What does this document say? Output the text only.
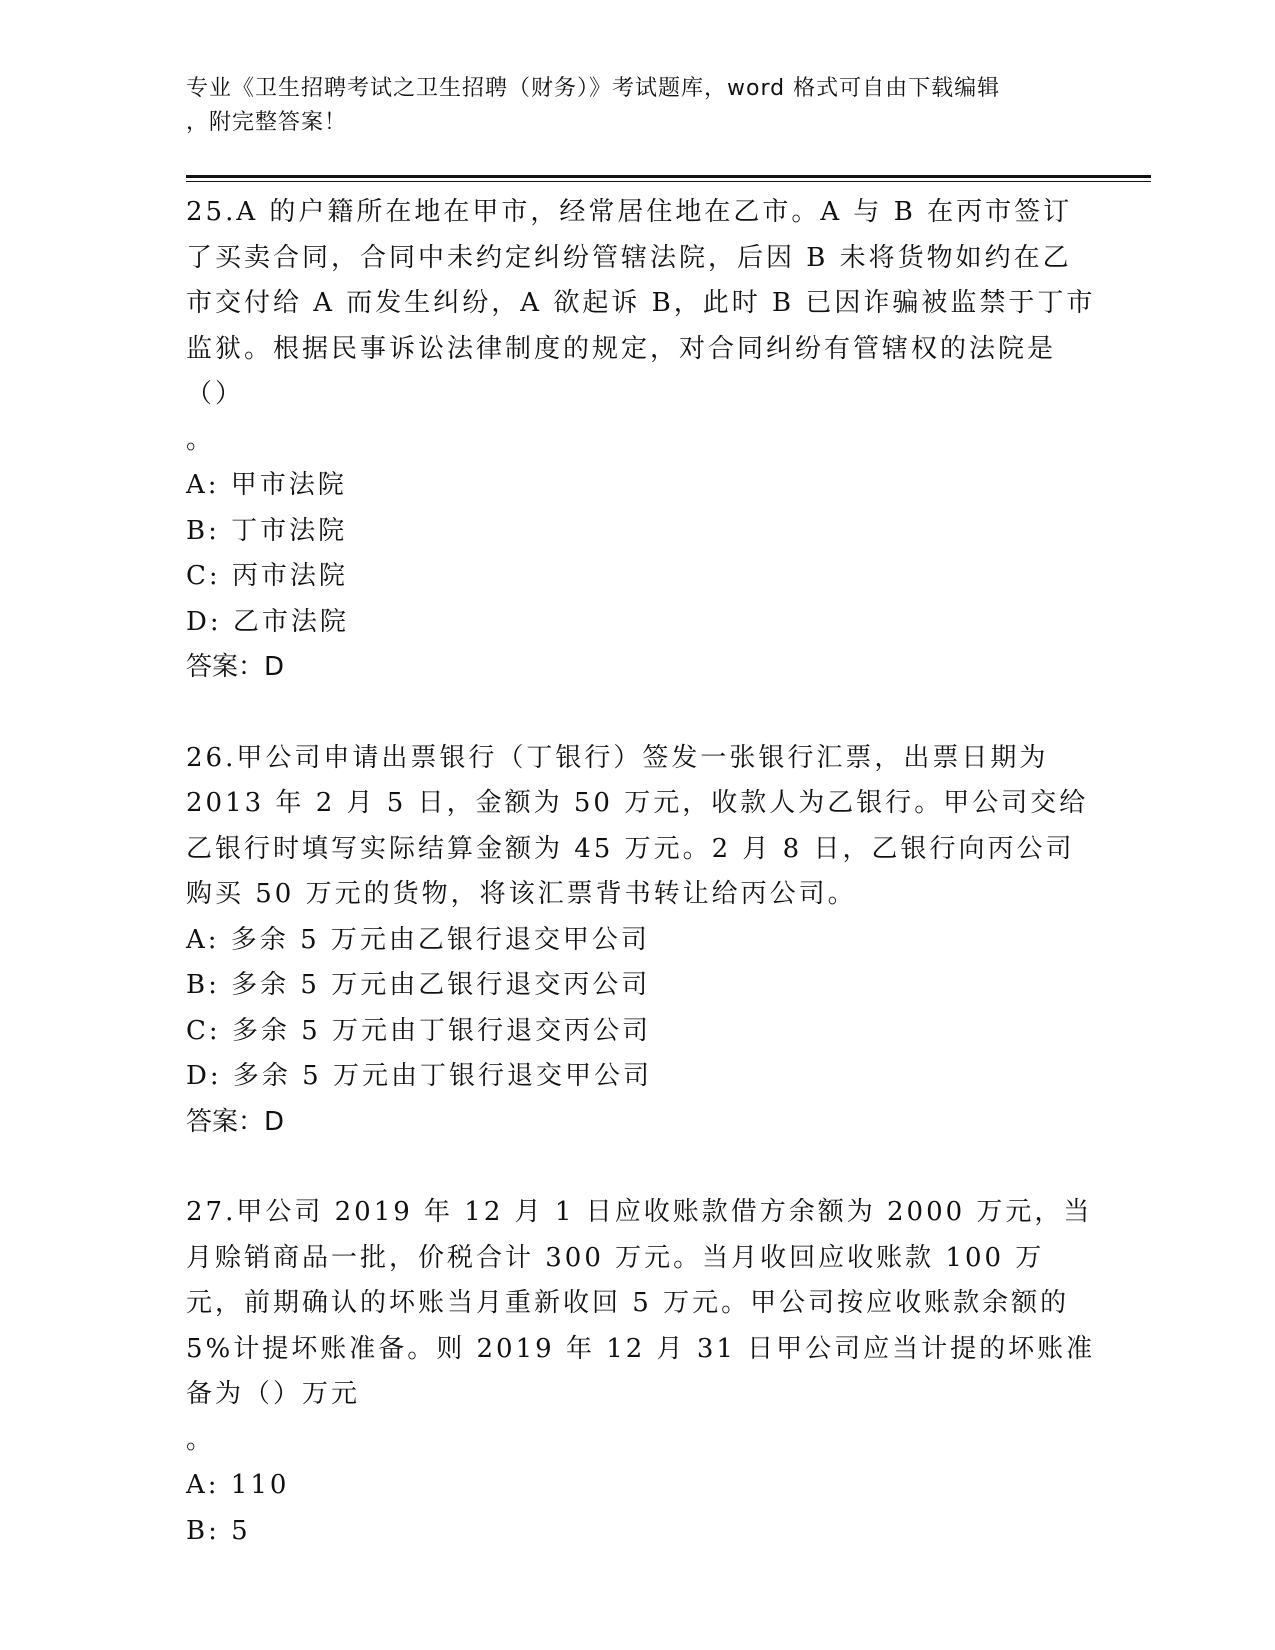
专业《卫生招聘考试之卫生招聘（财务）》考试题库，word 格式可自由下载编辑
，附完整答案！

25.A 的户籍所在地在甲市，经常居住地在乙市。A 与 B 在丙市签订了买卖合同，合同中未约定纠纷管辖法院，后因 B 未将货物如约在乙市交付给 A 而发生纠纷，A 欲起诉 B，此时 B 已因诈骗被监禁于丁市监狱。根据民事诉讼法律制度的规定，对合同纠纷有管辖权的法院是（）

。

A: 甲市法院

B: 丁市法院

C: 丙市法院

D: 乙市法院

答案：D

26.甲公司申请出票银行（丁银行）签发一张银行汇票，出票日期为 2013 年 2 月 5 日，金额为 50 万元，收款人为乙银行。甲公司交给乙银行时填写实际结算金额为 45 万元。2 月 8 日，乙银行向丙公司购买 50 万元的货物，将该汇票背书转让给丙公司。

A: 多余 5 万元由乙银行退交甲公司

B: 多余 5 万元由乙银行退交丙公司

C: 多余 5 万元由丁银行退交丙公司

D: 多余 5 万元由丁银行退交甲公司

答案：D

27.甲公司 2019 年 12 月 1 日应收账款借方余额为 2000 万元，当月赊销商品一批，价税合计 300 万元。当月收回应收账款 100 万元，前期确认的坏账当月重新收回 5 万元。甲公司按应收账款余额的 5%计提坏账准备。则 2019 年 12 月 31 日甲公司应当计提的坏账准备为（）万元

。

A: 110

B: 5
